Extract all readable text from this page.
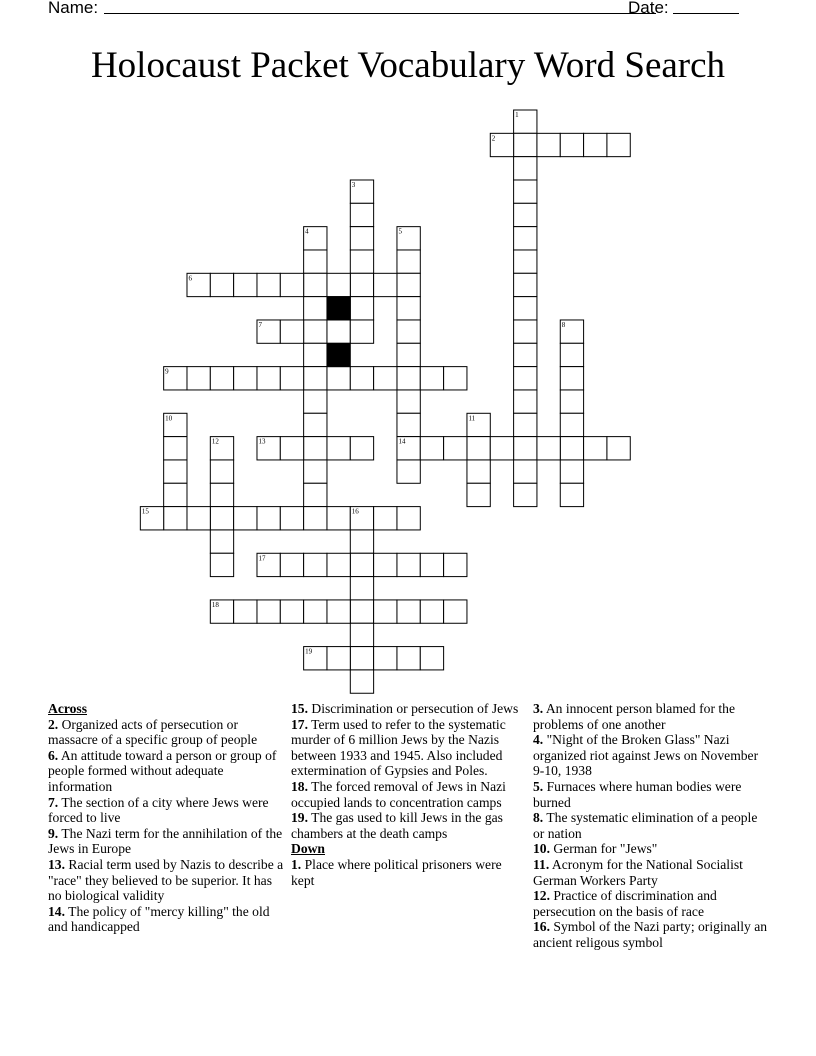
Name:	Date:
Holocaust Packet Vocabulary Word Search
1
2
3
4	5
6
7	8
9
10	11
12	13	14
15	16
17
18
19
Across

2. Organized acts of persecution or massacre of a specific group of people

6. An attitude toward a person or group of people formed without adequate information

7. The section of a city where Jews were forced to live

9. The Nazi term for the annihilation of the Jews in Europe

13. Racial term used by Nazis to describe a "race" they believed to be superior. It has no biological validity

14. The policy of "mercy killing" the old and handicapped

15. Discrimination or persecution of Jews

17. Term used to refer to the systematic murder of 6 million Jews by the Nazis between 1933 and 1945. Also included extermination of Gypsies and Poles.

18. The forced removal of Jews in Nazi occupied lands to concentration camps

19. The gas used to kill Jews in the gas chambers at the death camps

Down

1. Place where political prisoners were kept

3. An innocent person blamed for the problems of one another

4. "Night of the Broken Glass" Nazi organized riot against Jews on November 9-10, 1938

5. Furnaces where human bodies were burned

8. The systematic elimination of a people or nation

10. German for "Jews"

11. Acronym for the National Socialist German Workers Party

12. Practice of discrimination and persecution on the basis of race

16. Symbol of the Nazi party; originally an ancient religous symbol
